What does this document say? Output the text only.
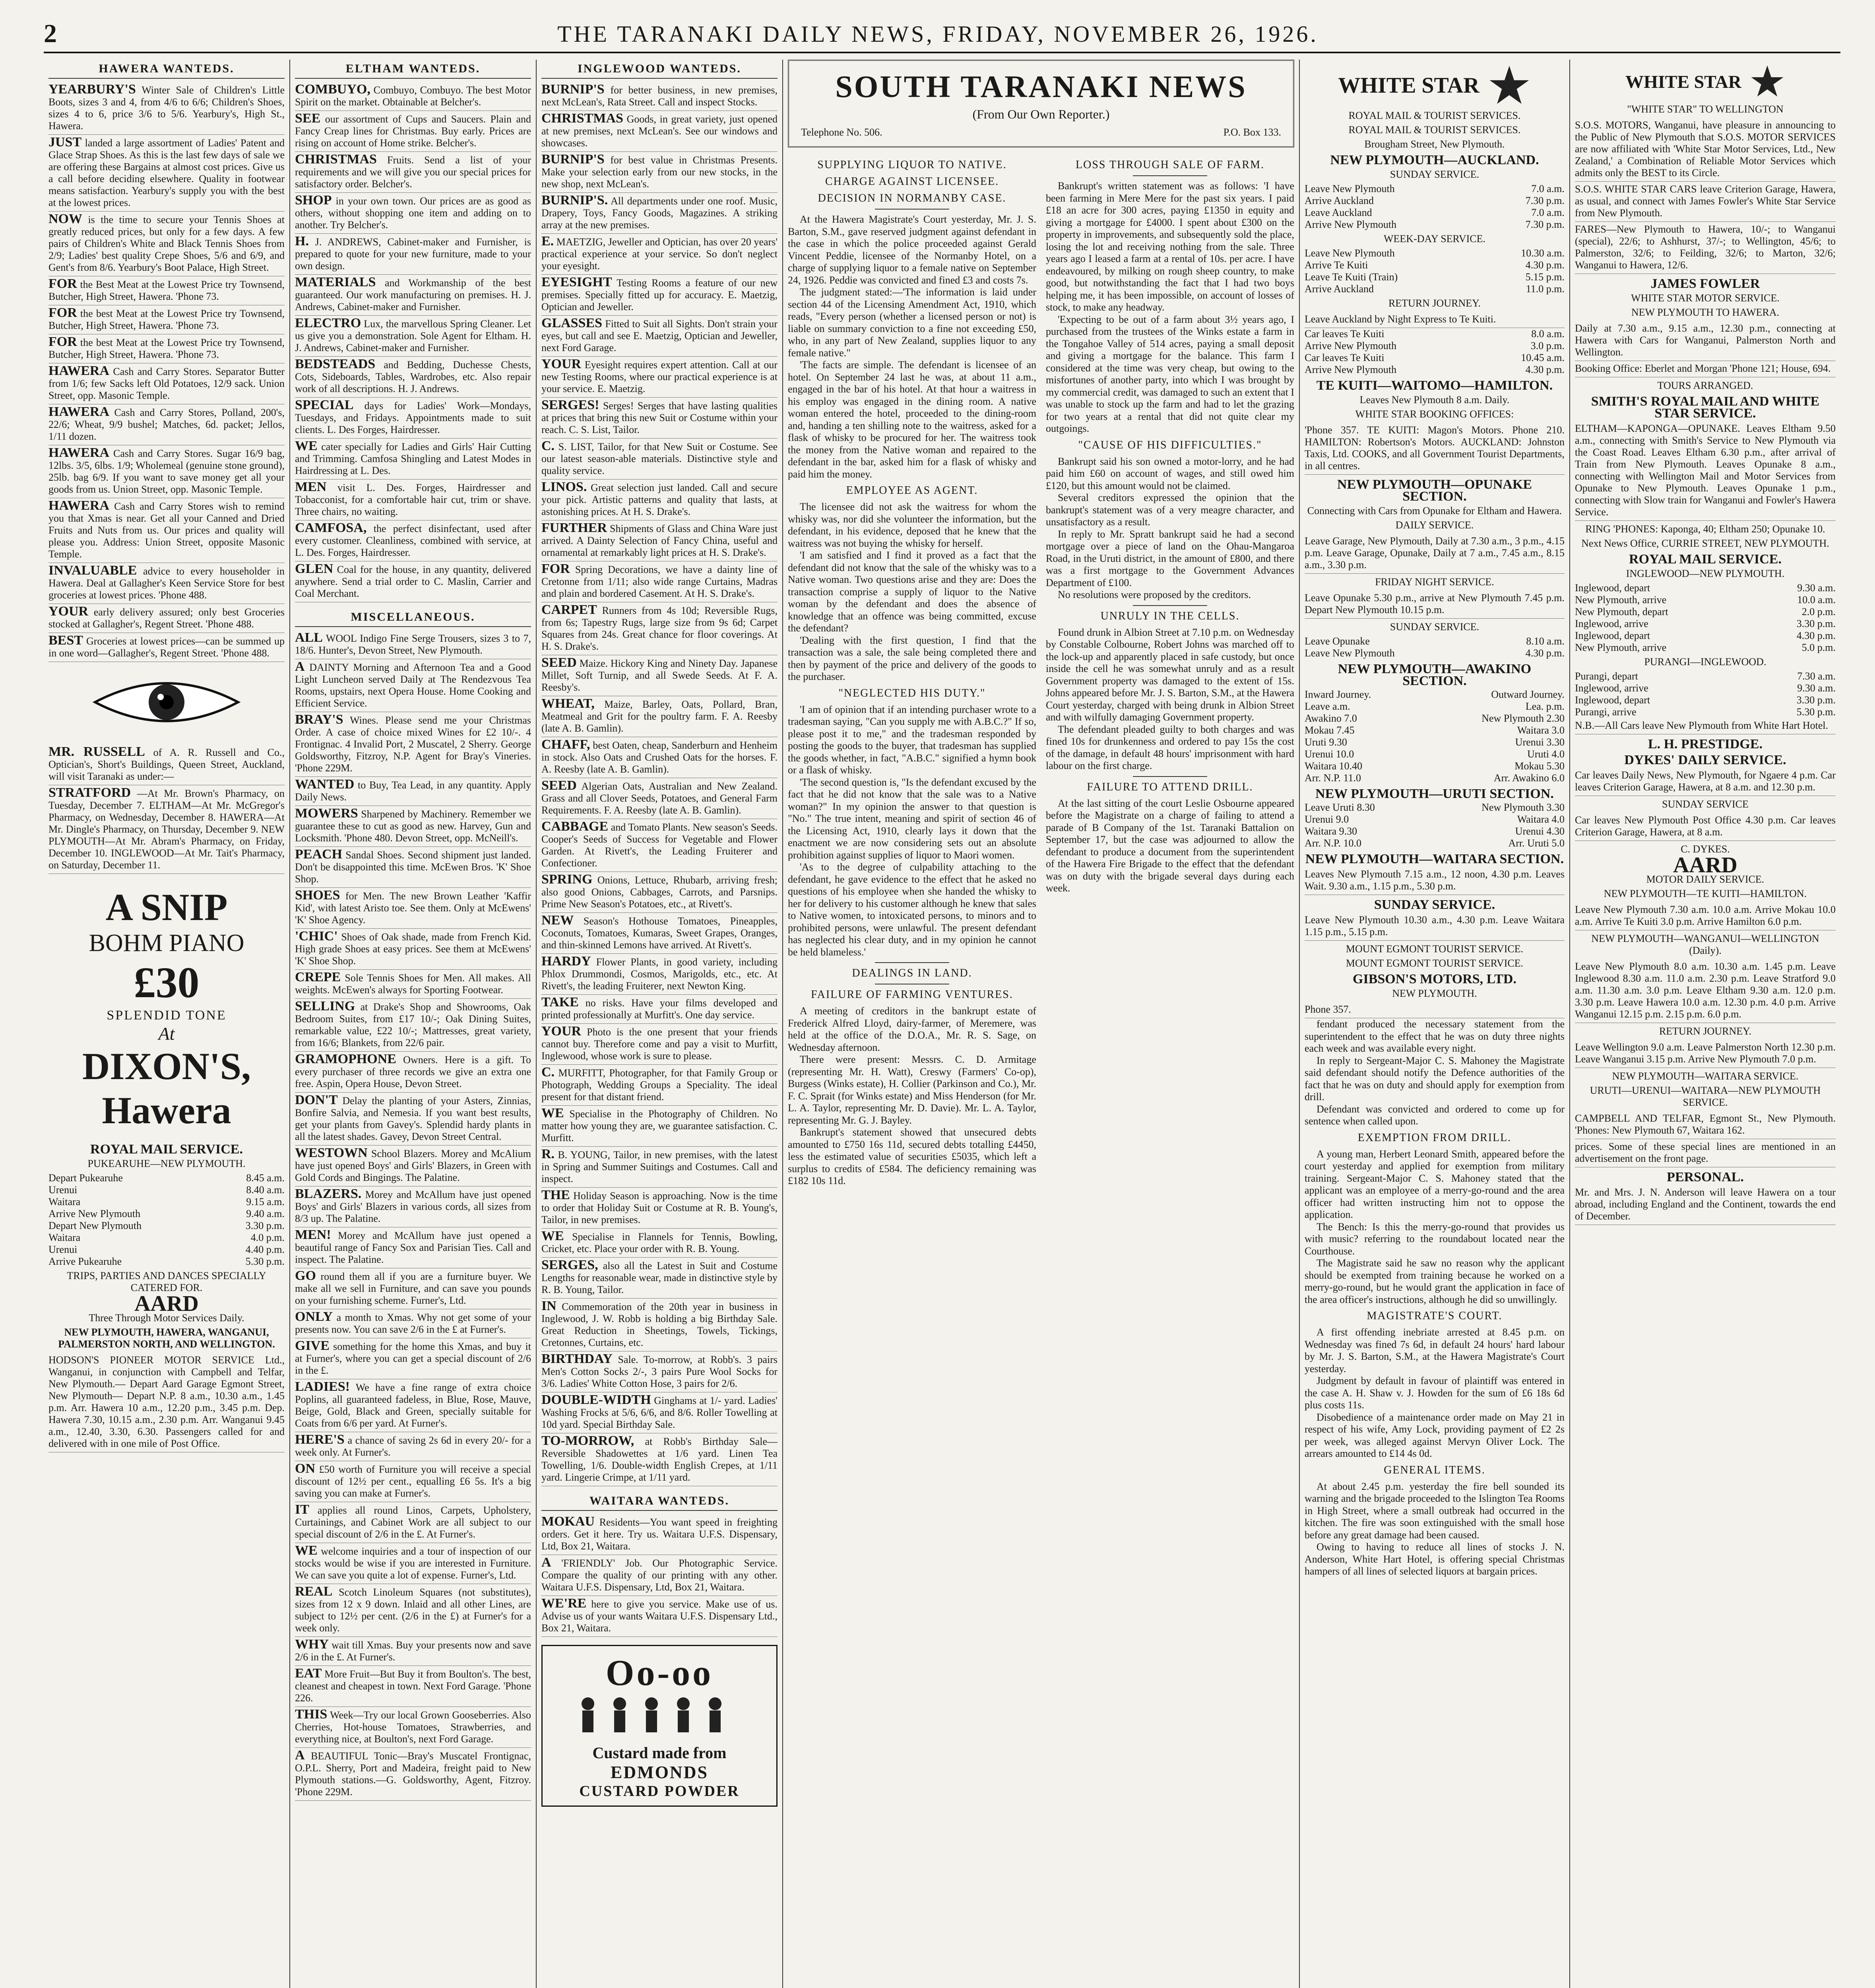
2	THE TARANAKI DAILY NEWS, FRIDAY, NOVEMBER 26, 1926.
HAWERA WANTEDS.
YEARBURY'S Winter Sale of Children's Little Boots, sizes 3 and 4, from 4/6 to 6/6; Children's Shoes, sizes 4 to 6, price 3/6 to 5/6. Yearbury's, High St., Hawera.
JUST landed a large assortment of Ladies' Patent and Glace Strap Shoes. As this is the last few days of sale we are offering these Bargains at almost cost prices. Give us a call before deciding elsewhere. Quality in footwear means satisfaction. Yearbury's supply you with the best at the lowest prices.
NOW is the time to secure your Tennis Shoes at greatly reduced prices, but only for a few days. A few pairs of Children's White and Black Tennis Shoes from 2/9; Ladies' best quality Crepe Shoes, 5/6 and 6/9, and Gent's from 8/6. Yearbury's Boot Palace, High Street.
FOR the Best Meat at the Lowest Price try Townsend, Butcher, High Street, Hawera. 'Phone 73.
FOR the best Meat at the Lowest Price try Townsend, Butcher, High Street, Hawera. 'Phone 73.
FOR the best Meat at the Lowest Price try Townsend, Butcher, High Street, Hawera. 'Phone 73.
HAWERA Cash and Carry Stores. Separator Butter from 1/6; few Sacks left Old Potatoes, 12/9 sack. Union Street, opp. Masonic Temple.
HAWERA Cash and Carry Stores, Polland, 200's, 22/6; Wheat, 9/9 bushel; Matches, 6d. packet; Jellos, 1/11 dozen.
HAWERA Cash and Carry Stores. Sugar 16/9 bag, 12lbs. 3/5, 6lbs. 1/9; Wholemeal (genuine stone ground), 25lb. bag 6/9. If you want to save money get all your goods from us. Union Street, opp. Masonic Temple.
HAWERA Cash and Carry Stores wish to remind you that Xmas is near. Get all your Canned and Dried Fruits and Nuts from us. Our prices and quality will please you. Address: Union Street, opposite Masonic Temple.
INVALUABLE advice to every householder in Hawera. Deal at Gallagher's Keen Service Store for best groceries at lowest prices. 'Phone 488.
YOUR early delivery assured; only best Groceries stocked at Gallagher's, Regent Street. 'Phone 488.
BEST Groceries at lowest prices—can be summed up in one word—Gallagher's, Regent Street. 'Phone 488.
MR. RUSSELL of A. R. Russell and Co., Optician's, Short's Buildings, Queen Street, Auckland, will visit Taranaki as under:—
STRATFORD —At Mr. Brown's Pharmacy, on Tuesday, December 7. ELTHAM—At Mr. McGregor's Pharmacy, on Wednesday, December 8. HAWERA—At Mr. Dingle's Pharmacy, on Thursday, December 9. NEW PLYMOUTH—At Mr. Abram's Pharmacy, on Friday, December 10. INGLEWOOD—At Mr. Tait's Pharmacy, on Saturday, December 11.
A SNIP
BOHM PIANO
£30
SPLENDID TONE
At
DIXON'S, Hawera
ROYAL MAIL SERVICE.
PUKEARUHE—NEW PLYMOUTH.
Depart Pukearuhe	8.45 a.m.
Urenui	8.40 a.m.
Waitara	9.15 a.m.
Arrive New Plymouth	9.40 a.m.
Depart New Plymouth	3.30 p.m.
Waitara	4.0 p.m.
Urenui	4.40 p.m.
Arrive Pukearuhe	5.30 p.m.
TRIPS, PARTIES AND DANCES SPECIALLY CATERED FOR.
AARD
Three Through Motor Services Daily.
NEW PLYMOUTH, HAWERA, WANGANUI, PALMERSTON NORTH, AND WELLINGTON.
HODSON'S PIONEER MOTOR SERVICE Ltd., Wanganui, in conjunction with Campbell and Telfar, New Plymouth.— Depart Aard Garage Egmont Street, New Plymouth— Depart N.P. 8 a.m., 10.30 a.m., 1.45 p.m. Arr. Hawera 10 a.m., 12.20 p.m., 3.45 p.m. Dep. Hawera 7.30, 10.15 a.m., 2.30 p.m. Arr. Wanganui 9.45 a.m., 12.40, 3.30, 6.30. Passengers called for and delivered with in one mile of Post Office.
ELTHAM WANTEDS.
COMBUYO, Combuyo, Combuyo. The best Motor Spirit on the market. Obtainable at Belcher's.
SEE our assortment of Cups and Saucers. Plain and Fancy Creap lines for Christmas. Buy early. Prices are rising on account of Home strike. Belcher's.
CHRISTMAS Fruits. Send a list of your requirements and we will give you our special prices for satisfactory order. Belcher's.
SHOP in your own town. Our prices are as good as others, without shopping one item and adding on to another. Try Belcher's.
H. J. ANDREWS, Cabinet-maker and Furnisher, is prepared to quote for your new furniture, made to your own design.
MATERIALS and Workmanship of the best guaranteed. Our work manufacturing on premises. H. J. Andrews, Cabinet-maker and Furnisher.
ELECTRO Lux, the marvellous Spring Cleaner. Let us give you a demonstration. Sole Agent for Eltham. H. J. Andrews, Cabinet-maker and Furnisher.
BEDSTEADS and Bedding, Duchesse Chests, Cots, Sideboards, Tables, Wardrobes, etc. Also repair work of all descriptions. H. J. Andrews.
SPECIAL days for Ladies' Work—Mondays, Tuesdays, and Fridays. Appointments made to suit clients. L. Des Forges, Hairdresser.
WE cater specially for Ladies and Girls' Hair Cutting and Trimming. Camfosa Shingling and Latest Modes in Hairdressing at L. Des.
MEN visit L. Des. Forges, Hairdresser and Tobacconist, for a comfortable hair cut, trim or shave. Three chairs, no waiting.
CAMFOSA, the perfect disinfectant, used after every customer. Cleanliness, combined with service, at L. Des. Forges, Hairdresser.
GLEN Coal for the house, in any quantity, delivered anywhere. Send a trial order to C. Maslin, Carrier and Coal Merchant.
MISCELLANEOUS.
ALL WOOL Indigo Fine Serge Trousers, sizes 3 to 7, 18/6. Hunter's, Devon Street, New Plymouth.
A DAINTY Morning and Afternoon Tea and a Good Light Luncheon served Daily at The Rendezvous Tea Rooms, upstairs, next Opera House. Home Cooking and Efficient Service.
BRAY'S Wines. Please send me your Christmas Order. A case of choice mixed Wines for £2 10/-. 4 Frontignac. 4 Invalid Port, 2 Muscatel, 2 Sherry. George Goldsworthy, Fitzroy, N.P. Agent for Bray's Vineries. 'Phone 229M.
WANTED to Buy, Tea Lead, in any quantity. Apply Daily News.
MOWERS Sharpened by Machinery. Remember we guarantee these to cut as good as new. Harvey, Gun and Locksmith. 'Phone 480. Devon Street, opp. McNeill's.
PEACH Sandal Shoes. Second shipment just landed. Don't be disappointed this time. McEwen Bros. 'K' Shoe Shop.
SHOES for Men. The new Brown Leather 'Kaffir Kid', with latest Aristo toe. See them. Only at McEwens' 'K' Shoe Agency.
'CHIC' Shoes of Oak shade, made from French Kid. High grade Shoes at easy prices. See them at McEwens' 'K' Shoe Shop.
CREPE Sole Tennis Shoes for Men. All makes. All weights. McEwen's always for Sporting Footwear.
SELLING at Drake's Shop and Showrooms, Oak Bedroom Suites, from £17 10/-; Oak Dining Suites, remarkable value, £22 10/-; Mattresses, great variety, from 16/6; Blankets, from 22/6 pair.
GRAMOPHONE Owners. Here is a gift. To every purchaser of three records we give an extra one free. Aspin, Opera House, Devon Street.
DON'T Delay the planting of your Asters, Zinnias, Bonfire Salvia, and Nemesia. If you want best results, get your plants from Gavey's. Splendid hardy plants in all the latest shades. Gavey, Devon Street Central.
WESTOWN School Blazers. Morey and McAlium have just opened Boys' and Girls' Blazers, in Green with Gold Cords and Bingings. The Palatine.
BLAZERS. Morey and McAllum have just opened Boys' and Girls' Blazers in various cords, all sizes from 8/3 up. The Palatine.
MEN! Morey and McAllum have just opened a beautiful range of Fancy Sox and Parisian Ties. Call and inspect. The Palatine.
GO round them all if you are a furniture buyer. We make all we sell in Furniture, and can save you pounds on your furnishing scheme. Furner's, Ltd.
ONLY a month to Xmas. Why not get some of your presents now. You can save 2/6 in the £ at Furner's.
GIVE something for the home this Xmas, and buy it at Furner's, where you can get a special discount of 2/6 in the £.
LADIES! We have a fine range of extra choice Poplins, all guaranteed fadeless, in Blue, Rose, Mauve, Beige, Gold, Black and Green, specially suitable for Coats from 6/6 per yard. At Furner's.
HERE'S a chance of saving 2s 6d in every 20/- for a week only. At Furner's.
ON £50 worth of Furniture you will receive a special discount of 12½ per cent., equalling £6 5s. It's a big saving you can make at Furner's.
IT applies all round Linos, Carpets, Upholstery, Curtainings, and Cabinet Work are all subject to our special discount of 2/6 in the £. At Furner's.
WE welcome inquiries and a tour of inspection of our stocks would be wise if you are interested in Furniture. We can save you quite a lot of expense. Furner's, Ltd.
REAL Scotch Linoleum Squares (not substitutes), sizes from 12 x 9 down. Inlaid and all other Lines, are subject to 12½ per cent. (2/6 in the £) at Furner's for a week only.
WHY wait till Xmas. Buy your presents now and save 2/6 in the £. At Furner's.
EAT More Fruit—But Buy it from Boulton's. The best, cleanest and cheapest in town. Next Ford Garage. 'Phone 226.
THIS Week—Try our local Grown Gooseberries. Also Cherries, Hot-house Tomatoes, Strawberries, and everything nice, at Boulton's, next Ford Garage.
A BEAUTIFUL Tonic—Bray's Muscatel Frontignac, O.P.L. Sherry, Port and Madeira, freight paid to New Plymouth stations.—G. Goldsworthy, Agent, Fitzroy. 'Phone 229M.
INGLEWOOD WANTEDS.
BURNIP'S for better business, in new premises, next McLean's, Rata Street. Call and inspect Stocks.
CHRISTMAS Goods, in great variety, just opened at new premises, next McLean's. See our windows and showcases.
BURNIP'S for best value in Christmas Presents. Make your selection early from our new stocks, in the new shop, next McLean's.
BURNIP'S. All departments under one roof. Music, Drapery, Toys, Fancy Goods, Magazines. A striking array at the new premises.
E. MAETZIG, Jeweller and Optician, has over 20 years' practical experience at your service. So don't neglect your eyesight.
EYESIGHT Testing Rooms a feature of our new premises. Specially fitted up for accuracy. E. Maetzig, Optician and Jeweller.
GLASSES Fitted to Suit all Sights. Don't strain your eyes, but call and see E. Maetzig, Optician and Jeweller, next Ford Garage.
YOUR Eyesight requires expert attention. Call at our new Testing Rooms, where our practical experience is at your service. E. Maetzig.
SERGES! Serges! Serges that have lasting qualities at prices that bring this new Suit or Costume within your reach. C. S. List, Tailor.
C. S. LIST, Tailor, for that New Suit or Costume. See our latest season-able materials. Distinctive style and quality service.
LINOS. Great selection just landed. Call and secure your pick. Artistic patterns and quality that lasts, at astonishing prices. At H. S. Drake's.
FURTHER Shipments of Glass and China Ware just arrived. A Dainty Selection of Fancy China, useful and ornamental at remarkably light prices at H. S. Drake's.
FOR Spring Decorations, we have a dainty line of Cretonne from 1/11; also wide range Curtains, Madras and plain and bordered Casement. At H. S. Drake's.
CARPET Runners from 4s 10d; Reversible Rugs, from 6s; Tapestry Rugs, large size from 9s 6d; Carpet Squares from 24s. Great chance for floor coverings. At H. S. Drake's.
SEED Maize. Hickory King and Ninety Day. Japanese Millet, Soft Turnip, and all Swede Seeds. At F. A. Reesby's.
WHEAT, Maize, Barley, Oats, Pollard, Bran, Meatmeal and Grit for the poultry farm. F. A. Reesby (late A. B. Gamlin).
CHAFF, best Oaten, cheap, Sanderburn and Henheim in stock. Also Oats and Crushed Oats for the horses. F. A. Reesby (late A. B. Gamlin).
SEED Algerian Oats, Australian and New Zealand. Grass and all Clover Seeds, Potatoes, and General Farm Requirements. F. A. Reesby (late A. B. Gamlin).
CABBAGE and Tomato Plants. New season's Seeds. Cooper's Seeds of Success for Vegetable and Flower Garden. At Rivett's, the Leading Fruiterer and Confectioner.
SPRING Onions, Lettuce, Rhubarb, arriving fresh; also good Onions, Cabbages, Carrots, and Parsnips. Prime New Season's Potatoes, etc., at Rivett's.
NEW Season's Hothouse Tomatoes, Pineapples, Coconuts, Tomatoes, Kumaras, Sweet Grapes, Oranges, and thin-skinned Lemons have arrived. At Rivett's.
HARDY Flower Plants, in good variety, including Phlox Drummondi, Cosmos, Marigolds, etc., etc. At Rivett's, the leading Fruiterer, next Newton King.
TAKE no risks. Have your films developed and printed professionally at Murfitt's. One day service.
YOUR Photo is the one present that your friends cannot buy. Therefore come and pay a visit to Murfitt, Inglewood, whose work is sure to please.
C. MURFITT, Photographer, for that Family Group or Photograph, Wedding Groups a Speciality. The ideal present for that distant friend.
WE Specialise in the Photography of Children. No matter how young they are, we guarantee satisfaction. C. Murfitt.
R. B. YOUNG, Tailor, in new premises, with the latest in Spring and Summer Suitings and Costumes. Call and inspect.
THE Holiday Season is approaching. Now is the time to order that Holiday Suit or Costume at R. B. Young's, Tailor, in new premises.
WE Specialise in Flannels for Tennis, Bowling, Cricket, etc. Place your order with R. B. Young.
SERGES, also all the Latest in Suit and Costume Lengths for reasonable wear, made in distinctive style by R. B. Young, Tailor.
IN Commemoration of the 20th year in business in Inglewood, J. W. Robb is holding a big Birthday Sale. Great Reduction in Sheetings, Towels, Tickings, Cretonnes, Curtains, etc.
BIRTHDAY Sale. To-morrow, at Robb's. 3 pairs Men's Cotton Socks 2/-, 3 pairs Pure Wool Socks for 3/6. Ladies' White Cotton Hose, 3 pairs for 2/6.
DOUBLE-WIDTH Ginghams at 1/- yard. Ladies' Washing Frocks at 5/6, 6/6, and 8/6. Roller Towelling at 10d yard. Special Birthday Sale.
TO-MORROW, at Robb's Birthday Sale—Reversible Shadowettes at 1/6 yard. Linen Tea Towelling, 1/6. Double-width English Crepes, at 1/11 yard. Lingerie Crimpe, at 1/11 yard.
WAITARA WANTEDS.
MOKAU Residents—You want speed in freighting orders. Get it here. Try us. Waitara U.F.S. Dispensary, Ltd, Box 21, Waitara.
A 'FRIENDLY' Job. Our Photographic Service. Compare the quality of our printing with any other. Waitara U.F.S. Dispensary, Ltd, Box 21, Waitara.
WE'RE here to give you service. Make use of us. Advise us of your wants Waitara U.F.S. Dispensary Ltd., Box 21, Waitara.
Oo-oo
Custard made from
EDMONDS
CUSTARD POWDER
SOUTH TARANAKI NEWS
(From Our Own Reporter.)
Telephone No. 506.	P.O. Box 133.
SUPPLYING LIQUOR TO NATIVE.
CHARGE AGAINST LICENSEE.
DECISION IN NORMANBY CASE.

At the Hawera Magistrate's Court yesterday, Mr. J. S. Barton, S.M., gave reserved judgment against defendant in the case in which the police proceeded against Gerald Vincent Peddie, licensee of the Normanby Hotel, on a charge of supplying liquor to a female native on September 24, 1926. Peddie was convicted and fined £3 and costs 7s.

The judgment stated:—'The information is laid under section 44 of the Licensing Amendment Act, 1910, which reads, "Every person (whether a licensed person or not) is liable on summary conviction to a fine not exceeding £50, who, in any part of New Zealand, supplies liquor to any female native."

'The facts are simple. The defendant is licensee of an hotel. On September 24 last he was, at about 11 a.m., engaged in the bar of his hotel. At that hour a waitress in his employ was engaged in the dining room. A native woman entered the hotel, proceeded to the dining-room and, handing a ten shilling note to the waitress, asked for a flask of whisky to be procured for her. The waitress took the money from the Native woman and repaired to the defendant in the bar, asked him for a flask of whisky and paid him the money.

EMPLOYEE AS AGENT.

The licensee did not ask the waitress for whom the whisky was, nor did she volunteer the information, but the defendant, in his evidence, deposed that he knew that the waitress was not buying the whisky for herself.

'I am satisfied and I find it proved as a fact that the defendant did not know that the sale of the whisky was to a Native woman. Two questions arise and they are: Does the transaction comprise a supply of liquor to the Native woman by the defendant and does the absence of knowledge that an offence was being committed, excuse the defendant?

'Dealing with the first question, I find that the transaction was a sale, the sale being completed there and then by payment of the price and delivery of the goods to the purchaser.

"NEGLECTED HIS DUTY."

'I am of opinion that if an intending purchaser wrote to a tradesman saying, "Can you supply me with A.B.C.?" If so, please post it to me," and the tradesman responded by posting the goods to the buyer, that tradesman has supplied the goods whether, in fact, "A.B.C." signified a hymn book or a flask of whisky.

'The second question is, "Is the defendant excused by the fact that he did not know that the sale was to a Native woman?" In my opinion the answer to that question is "No." The true intent, meaning and spirit of section 46 of the Licensing Act, 1910, clearly lays it down that the enactment we are now considering sets out an absolute prohibition against supplies of liquor to Maori women.

'As to the degree of culpability attaching to the defendant, he gave evidence to the effect that he asked no questions of his employee when she handed the whisky to her for delivery to his customer although he knew that sales to Native women, to intoxicated persons, to minors and to prohibited persons, were unlawful. The present defendant has neglected his clear duty, and in my opinion he cannot be held blameless.'

DEALINGS IN LAND.
FAILURE OF FARMING VENTURES.

A meeting of creditors in the bankrupt estate of Frederick Alfred Lloyd, dairy-farmer, of Meremere, was held at the office of the D.O.A., Mr. R. S. Sage, on Wednesday afternoon.

There were present: Messrs. C. D. Armitage (representing Mr. H. Watt), Creswy (Farmers' Co-op), Burgess (Winks estate), H. Collier (Parkinson and Co.), Mr. F. C. Sprait (for Winks estate) and Miss Henderson (for Mr. L. A. Taylor, representing Mr. D. Davie). Mr. L. A. Taylor, representing Mr. G. J. Bayley.

Bankrupt's statement showed that unsecured debts amounted to £750 16s 11d, secured debts totalling £4450, less the estimated value of securities £5035, which left a surplus to credits of £584. The deficiency remaining was £182 10s 11d.

LOSS THROUGH SALE OF FARM.

Bankrupt's written statement was as follows: 'I have been farming in Mere Mere for the past six years. I paid £18 an acre for 300 acres, paying £1350 in equity and giving a mortgage for £4000. I spent about £300 on the property in improvements, and subsequently sold the place, losing the lot and receiving nothing from the sale. Three years ago I leased a farm at a rental of 10s. per acre. I have endeavoured, by milking on rough sheep country, to make good, but notwithstanding the fact that I had two boys helping me, it has been impossible, on account of losses of stock, to make any headway.

'Expecting to be out of a farm about 3½ years ago, I purchased from the trustees of the Winks estate a farm in the Tongahoe Valley of 514 acres, paying a small deposit and giving a mortgage for the balance. This farm I considered at the time was very cheap, but owing to the misfortunes of another party, into which I was brought by my commercial credit, was damaged to such an extent that I was unable to stock up the farm and had to let the grazing for two years at a rental that did not quite clear my outgoings.

"CAUSE OF HIS DIFFICULTIES."

Bankrupt said his son owned a motor-lorry, and he had paid him £60 on account of wages, and still owed him £120, but this amount would not be claimed.

Several creditors expressed the opinion that the bankrupt's statement was of a very meagre character, and unsatisfactory as a result.

In reply to Mr. Spratt bankrupt said he had a second mortgage over a piece of land on the Ohau-Mangaroa Road, in the Uruti district, in the amount of £800, and there was a first mortgage to the Government Advances Department of £100.

No resolutions were proposed by the creditors.

UNRULY IN THE CELLS.

Found drunk in Albion Street at 7.10 p.m. on Wednesday by Constable Colbourne, Robert Johns was marched off to the lock-up and apparently placed in safe custody, but once inside the cell he was somewhat unruly and as a result Government property was damaged to the extent of 15s. Johns appeared before Mr. J. S. Barton, S.M., at the Hawera Court yesterday, charged with being drunk in Albion Street and with wilfully damaging Government property.

The defendant pleaded guilty to both charges and was fined 10s for drunkenness and ordered to pay 15s the cost of the damage, in default 48 hours' imprisonment with hard labour on the first charge.

FAILURE TO ATTEND DRILL.

At the last sitting of the court Leslie Osbourne appeared before the Magistrate on a charge of failing to attend a parade of B Company of the 1st. Taranaki Battalion on September 17, but the case was adjourned to allow the defendant to produce a document from the superintendent of the Hawera Fire Brigade to the effect that the defendant was on duty with the brigade several days during each week.

WHITE STAR
ROYAL MAIL & TOURIST SERVICES.
ROYAL MAIL & TOURIST SERVICES.
Brougham Street, New Plymouth.
NEW PLYMOUTH—AUCKLAND.
SUNDAY SERVICE.
Leave New Plymouth	7.0 a.m.
Arrive Auckland	7.30 p.m.
Leave Auckland	7.0 a.m.
Arrive New Plymouth	7.30 p.m.
WEEK-DAY SERVICE.
Leave New Plymouth	10.30 a.m.
Arrive Te Kuiti	4.30 p.m.
Leave Te Kuiti (Train)	5.15 p.m.
Arrive Auckland	11.0 p.m.
RETURN JOURNEY.
Leave Auckland by Night Express to Te Kuiti.
Car leaves Te Kuiti	8.0 a.m.
Arrive New Plymouth	3.0 p.m.
Car leaves Te Kuiti	10.45 a.m.
Arrive New Plymouth	4.30 p.m.
TE KUITI—WAITOMO—HAMILTON.
Leaves New Plymouth 8 a.m. Daily.
WHITE STAR BOOKING OFFICES:
'Phone 357. TE KUITI: Magon's Motors. Phone 210. HAMILTON: Robertson's Motors. AUCKLAND: Johnston Taxis, Ltd. COOKS, and all Government Tourist Departments, in all centres.
NEW PLYMOUTH—OPUNAKE SECTION.
Connecting with Cars from Opunake for Eltham and Hawera.
DAILY SERVICE.
Leave Garage, New Plymouth, Daily at 7.30 a.m., 3 p.m., 4.15 p.m. Leave Garage, Opunake, Daily at 7 a.m., 7.45 a.m., 8.15 a.m., 3.30 p.m.
FRIDAY NIGHT SERVICE.
Leave Opunake 5.30 p.m., arrive at New Plymouth 7.45 p.m. Depart New Plymouth 10.15 p.m.
SUNDAY SERVICE.
Leave Opunake	8.10 a.m.
Leave New Plymouth	4.30 p.m.
NEW PLYMOUTH—AWAKINO SECTION.
Inward Journey.	Outward Journey.
Leave a.m.	Lea. p.m.
Awakino 7.0	New Plymouth 2.30
Mokau 7.45	Waitara 3.0
Uruti 9.30	Urenui 3.30
Urenui 10.0	Uruti 4.0
Waitara 10.40	Mokau 5.30
Arr. N.P. 11.0	Arr. Awakino 6.0
NEW PLYMOUTH—URUTI SECTION.
Leave Uruti 8.30	New Plymouth 3.30
Urenui 9.0	Waitara 4.0
Waitara 9.30	Urenui 4.30
Arr. N.P. 10.0	Arr. Uruti 5.0
NEW PLYMOUTH—WAITARA SECTION.
Leaves New Plymouth 7.15 a.m., 12 noon, 4.30 p.m. Leaves Wait. 9.30 a.m., 1.15 p.m., 5.30 p.m.
SUNDAY SERVICE.
Leave New Plymouth 10.30 a.m., 4.30 p.m. Leave Waitara 1.15 p.m., 5.15 p.m.
MOUNT EGMONT TOURIST SERVICE.
MOUNT EGMONT TOURIST SERVICE.
GIBSON'S MOTORS, LTD.
NEW PLYMOUTH.
Phone 357.

fendant produced the necessary statement from the superintendent to the effect that he was on duty three nights each week and was available every night.

In reply to Sergeant-Major C. S. Mahoney the Magistrate said defendant should notify the Defence authorities of the fact that he was on duty and should apply for exemption from drill.

Defendant was convicted and ordered to come up for sentence when called upon.

EXEMPTION FROM DRILL.

A young man, Herbert Leonard Smith, appeared before the court yesterday and applied for exemption from military training. Sergeant-Major C. S. Mahoney stated that the applicant was an employee of a merry-go-round and the area officer had written instructing him not to oppose the application.

The Bench: Is this the merry-go-round that provides us with music? referring to the roundabout located near the Courthouse.

The Magistrate said he saw no reason why the applicant should be exempted from training because he worked on a merry-go-round, but he would grant the application in face of the area officer's instructions, although he did so unwillingly.

MAGISTRATE'S COURT.

A first offending inebriate arrested at 8.45 p.m. on Wednesday was fined 7s 6d, in default 24 hours' hard labour by Mr. J. S. Barton, S.M., at the Hawera Magistrate's Court yesterday.

Judgment by default in favour of plaintiff was entered in the case A. H. Shaw v. J. Howden for the sum of £6 18s 6d plus costs 11s.

Disobedience of a maintenance order made on May 21 in respect of his wife, Amy Lock, providing payment of £2 2s per week, was alleged against Mervyn Oliver Lock. The arrears amounted to £14 4s 0d.

GENERAL ITEMS.

At about 2.45 p.m. yesterday the fire bell sounded its warning and the brigade proceeded to the Islington Tea Rooms in High Street, where a small outbreak had occurred in the kitchen. The fire was soon extinguished with the small hose before any great damage had been caused.

Owing to having to reduce all lines of stocks J. N. Anderson, White Hart Hotel, is offering special Christmas hampers of all lines of selected liquors at bargain prices.

WHITE STAR
"WHITE STAR" TO WELLINGTON
S.O.S. MOTORS, Wanganui, have pleasure in announcing to the Public of New Plymouth that S.O.S. MOTOR SERVICES are now affiliated with 'White Star Motor Services, Ltd., New Zealand,' a Combination of Reliable Motor Services which admits only the BEST to its Circle.
S.O.S. WHITE STAR CARS leave Criterion Garage, Hawera, as usual, and connect with James Fowler's White Star Service from New Plymouth.
FARES—New Plymouth to Hawera, 10/-; to Wanganui (special), 22/6; to Ashhurst, 37/-; to Wellington, 45/6; to Palmerston, 32/6; to Feilding, 32/6; to Marton, 32/6; Wanganui to Hawera, 12/6.
JAMES FOWLER
WHITE STAR MOTOR SERVICE.
NEW PLYMOUTH TO HAWERA.
Daily at 7.30 a.m., 9.15 a.m., 12.30 p.m., connecting at Hawera with Cars for Wanganui, Palmerston North and Wellington.
Booking Office: Eberlet and Morgan 'Phone 121; House, 694.
TOURS ARRANGED.
SMITH'S ROYAL MAIL AND WHITE STAR SERVICE.
ELTHAM—KAPONGA—OPUNAKE. Leaves Eltham 9.50 a.m., connecting with Smith's Service to New Plymouth via the Coast Road. Leaves Eltham 6.30 p.m., after arrival of Train from New Plymouth. Leaves Opunake 8 a.m., connecting with Wellington Mail and Motor Services from Opunake to New Plymouth. Leaves Opunake 1 p.m., connecting with Slow train for Wanganui and Fowler's Hawera Service.
RING 'PHONES: Kaponga, 40; Eltham 250; Opunake 10.
Next News Office, CURRIE STREET, NEW PLYMOUTH.
ROYAL MAIL SERVICE.
INGLEWOOD—NEW PLYMOUTH.
Inglewood, depart	9.30 a.m.
New Plymouth, arrive	10.0 a.m.
New Plymouth, depart	2.0 p.m.
Inglewood, arrive	3.30 p.m.
Inglewood, depart	4.30 p.m.
New Plymouth, arrive	5.0 p.m.
PURANGI—INGLEWOOD.
Purangi, depart	7.30 a.m.
Inglewood, arrive	9.30 a.m.
Inglewood, depart	3.30 p.m.
Purangi, arrive	5.30 p.m.
N.B.—All Cars leave New Plymouth from White Hart Hotel.
L. H. PRESTIDGE.
DYKES' DAILY SERVICE.
Car leaves Daily News, New Plymouth, for Ngaere 4 p.m. Car leaves Criterion Garage, Hawera, at 8 a.m. and 12.30 p.m.
SUNDAY SERVICE
Car leaves New Plymouth Post Office 4.30 p.m. Car leaves Criterion Garage, Hawera, at 8 a.m.
C. DYKES.
AARD
MOTOR DAILY SERVICE.
NEW PLYMOUTH—TE KUITI—HAMILTON.
Leave New Plymouth 7.30 a.m. 10.0 a.m. Arrive Mokau 10.0 a.m. Arrive Te Kuiti 3.0 p.m. Arrive Hamilton 6.0 p.m.
NEW PLYMOUTH—WANGANUI—WELLINGTON (Daily).
Leave New Plymouth 8.0 a.m. 10.30 a.m. 1.45 p.m. Leave Inglewood 8.30 a.m. 11.0 a.m. 2.30 p.m. Leave Stratford 9.0 a.m. 11.30 a.m. 3.0 p.m. Leave Eltham 9.30 a.m. 12.0 p.m. 3.30 p.m. Leave Hawera 10.0 a.m. 12.30 p.m. 4.0 p.m. Arrive Wanganui 12.15 p.m. 2.15 p.m. 6.0 p.m.
RETURN JOURNEY.
Leave Wellington 9.0 a.m. Leave Palmerston North 12.30 p.m. Leave Wanganui 3.15 p.m. Arrive New Plymouth 7.0 p.m.
NEW PLYMOUTH—WAITARA SERVICE.
URUTI—URENUI—WAITARA—NEW PLYMOUTH SERVICE.
CAMPBELL AND TELFAR, Egmont St., New Plymouth. 'Phones: New Plymouth 67, Waitara 162.
prices. Some of these special lines are mentioned in an advertisement on the front page.
PERSONAL.
Mr. and Mrs. J. N. Anderson will leave Hawera on a tour abroad, including England and the Continent, towards the end of December.
